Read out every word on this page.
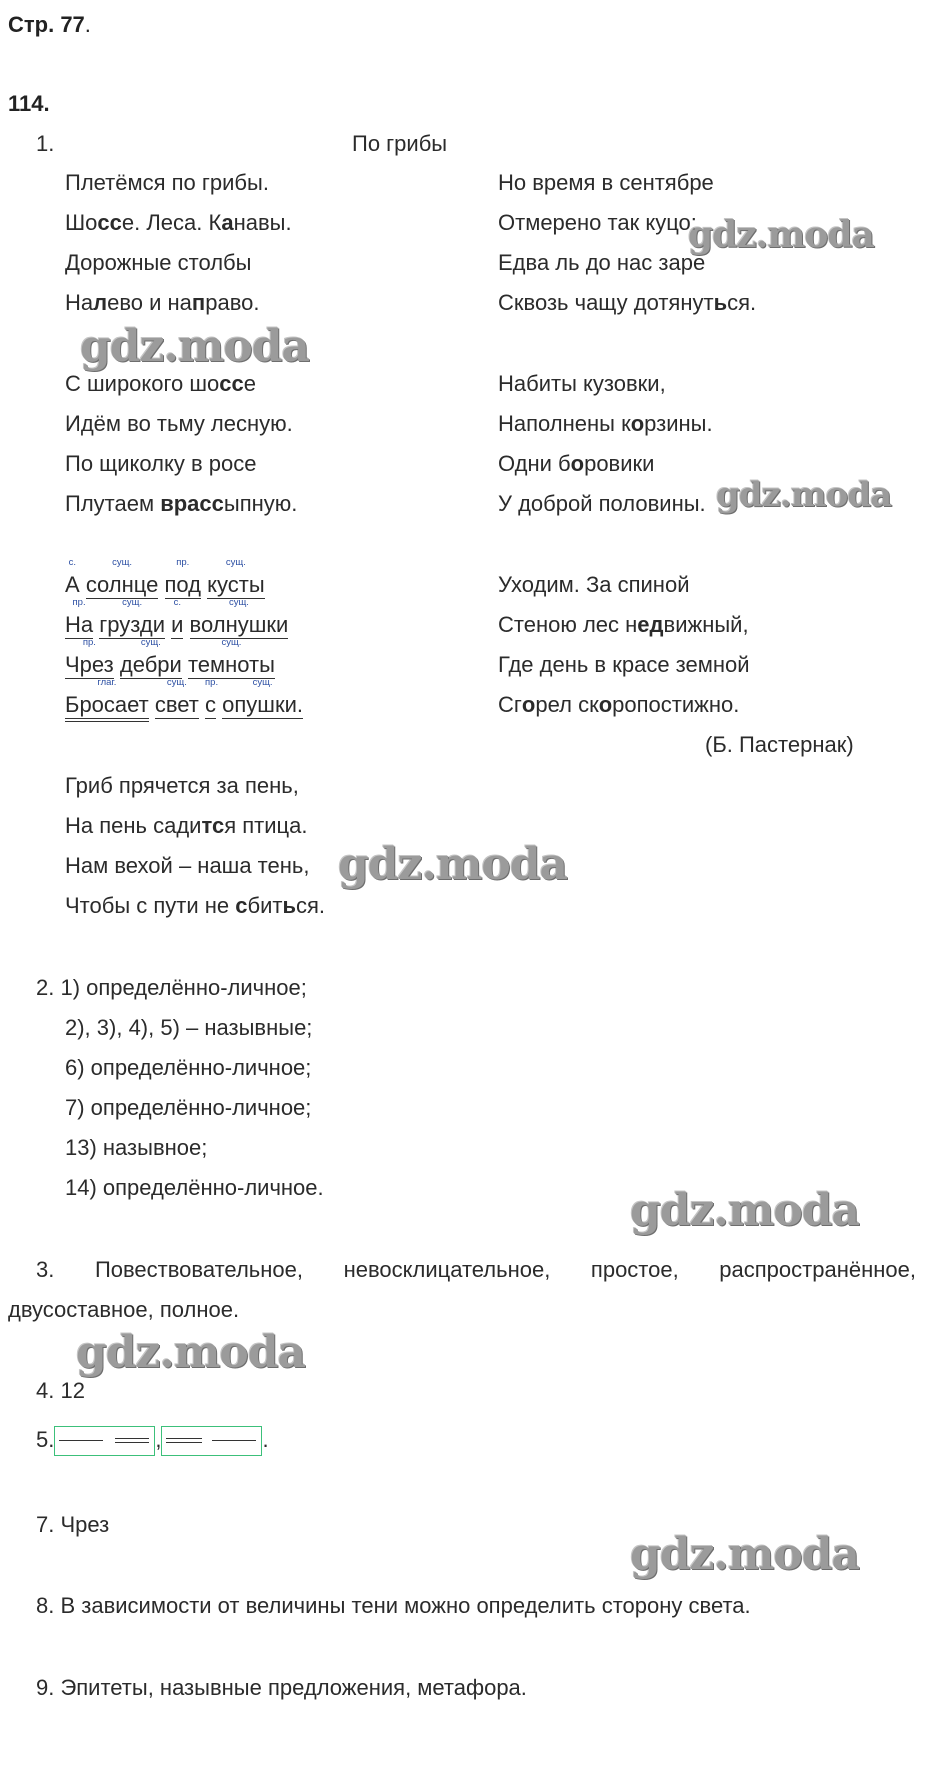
Стр. 77.
114.
1.	По грибы
Плетёмся по грибы.
Шоссе. Леса. Канавы.
Дорожные столбы
Налево и направо.
С широкого шоссе
Идём во тьму лесную.
По щиколку в росе
Плутаем врассыпную.
с.
А
сущ.
солнце
пр.
под
сущ.
кусты
пр.
На
сущ.
грузди
с.
и
сущ.
волнушки
пр.
Чрез
сущ.
дебри
сущ.
темноты
глаг.
Бросает
сущ.
свет
пр.
с
сущ.
опушки.
Гриб прячется за пень,
На пень садится птица.
Нам вехой – наша тень,
Чтобы с пути не сбиться.
Но время в сентябре
Отмерено так куцо:
Едва ль до нас заре
Сквозь чащу дотянуться.
Набиты кузовки,
Наполнены корзины.
Одни боровики
У доброй половины.
Уходим. За спиной
Стеною лес недвижный,
Где день в красе земной
Сгорел скоропостижно.
(Б. Пастернак)
2. 1) определённо-личное;
2), 3), 4), 5) – назывные;
6) определённо-личное;
7) определённо-личное;
13) назывное;
14) определённо-личное.
3. Повествовательное, невосклицательное, простое, распространённое,
двусоставное, полное.
4. 12
5.	,	.
7. Чрез
8. В зависимости от величины тени можно определить сторону света.
9. Эпитеты, назывные предложения, метафора.
gdz.moda
gdz.moda
gdz.moda
gdz.moda
gdz.moda
gdz.moda
gdz.moda
